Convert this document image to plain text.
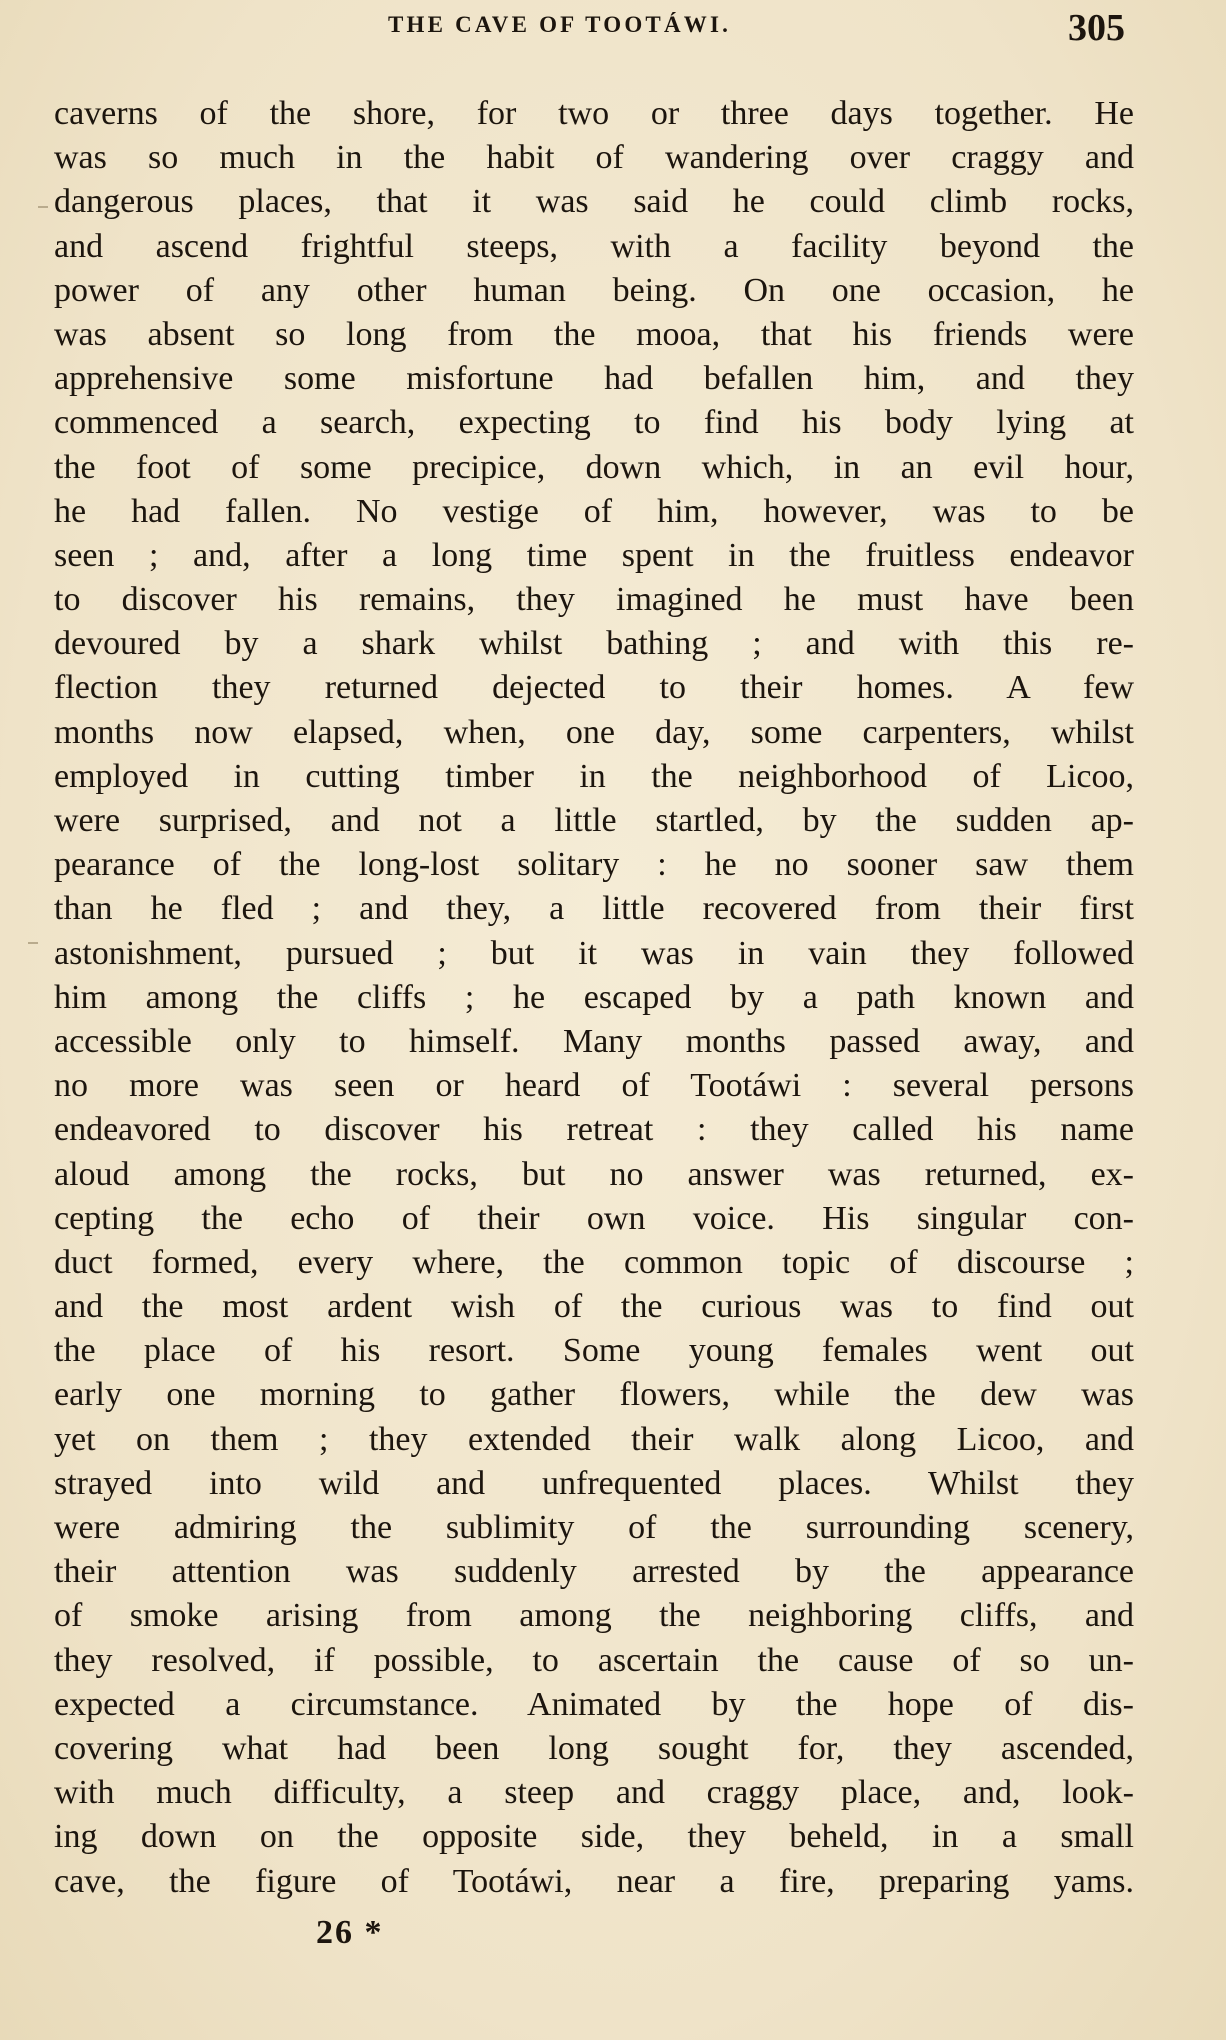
THE CAVE OF TOOTÁWI.	305
caverns of the shore, for two or three days together. He
was so much in the habit of wandering over craggy and
dangerous places, that it was said he could climb rocks,
and ascend frightful steeps, with a facility beyond the
power of any other human being. On one occasion, he
was absent so long from the mooa, that his friends were
apprehensive some misfortune had befallen him, and they
commenced a search, expecting to find his body lying at
the foot of some precipice, down which, in an evil hour,
he had fallen. No vestige of him, however, was to be
seen ; and, after a long time spent in the fruitless endeavor
to discover his remains, they imagined he must have been
devoured by a shark whilst bathing ; and with this re-
flection they returned dejected to their homes. A few
months now elapsed, when, one day, some carpenters, whilst
employed in cutting timber in the neighborhood of Licoo,
were surprised, and not a little startled, by the sudden ap-
pearance of the long-lost solitary : he no sooner saw them
than he fled ; and they, a little recovered from their first
astonishment, pursued ; but it was in vain they followed
him among the cliffs ; he escaped by a path known and
accessible only to himself. Many months passed away, and
no more was seen or heard of Tootáwi : several persons
endeavored to discover his retreat : they called his name
aloud among the rocks, but no answer was returned, ex-
cepting the echo of their own voice. His singular con-
duct formed, every where, the common topic of discourse ;
and the most ardent wish of the curious was to find out
the place of his resort. Some young females went out
early one morning to gather flowers, while the dew was
yet on them ; they extended their walk along Licoo, and
strayed into wild and unfrequented places. Whilst they
were admiring the sublimity of the surrounding scenery,
their attention was suddenly arrested by the appearance
of smoke arising from among the neighboring cliffs, and
they resolved, if possible, to ascertain the cause of so un-
expected a circumstance. Animated by the hope of dis-
covering what had been long sought for, they ascended,
with much difficulty, a steep and craggy place, and, look-
ing down on the opposite side, they beheld, in a small
cave, the figure of Tootáwi, near a fire, preparing yams.
26 *
